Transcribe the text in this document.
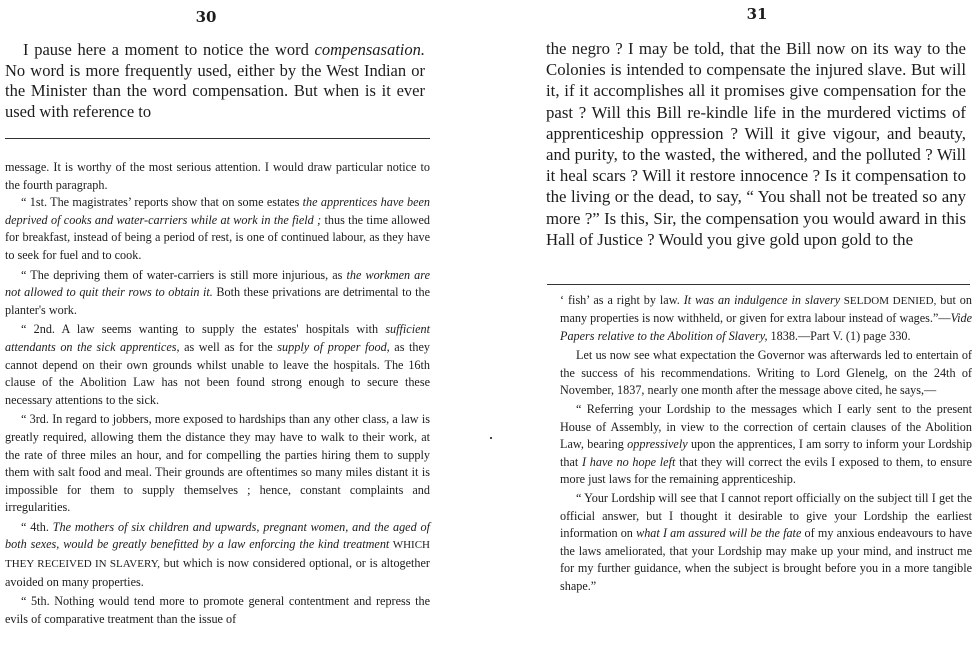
30

I pause here a moment to notice the word compensasation. No word is more frequently used, either by the West Indian or the Minister than the word compensation. But when is it ever used with reference to

message. It is worthy of the most serious attention. I would draw particular notice to the fourth paragraph.

“ 1st. The magistrates’ reports show that on some estates the apprentices have been deprived of cooks and water-carriers while at work in the field ; thus the time allowed for breakfast, instead of being a period of rest, is one of continued labour, as they have to seek for fuel and to cook.

“ The depriving them of water-carriers is still more injurious, as the workmen are not allowed to quit their rows to obtain it. Both these privations are detrimental to the planter's work.

“ 2nd. A law seems wanting to supply the estates' hospitals with sufficient attendants on the sick apprentices, as well as for the supply of proper food, as they cannot depend on their own grounds whilst unable to leave the hospitals. The 16th clause of the Abolition Law has not been found strong enough to secure these necessary attentions to the sick.

“ 3rd. In regard to jobbers, more exposed to hardships than any other class, a law is greatly required, allowing them the distance they may have to walk to their work, at the rate of three miles an hour, and for compelling the parties hiring them to supply them with salt food and meal. Their grounds are oftentimes so many miles distant it is impossible for them to supply themselves ; hence, constant complaints and irregularities.

“ 4th. The mothers of six children and upwards, pregnant women, and the aged of both sexes, would be greatly benefitted by a law enforcing the kind treatment WHICH THEY RECEIVED IN SLAVERY, but which is now considered optional, or is altogether avoided on many properties.

“ 5th. Nothing would tend more to promote general contentment and repress the evils of comparative treatment than the issue of

31

the negro ? I may be told, that the Bill now on its way to the Colonies is intended to compensate the injured slave. But will it, if it accomplishes all it promises give compensation for the past ? Will this Bill re-kindle life in the murdered victims of apprenticeship oppression ? Will it give vigour, and beauty, and purity, to the wasted, the withered, and the polluted ? Will it heal scars ? Will it restore innocence ? Is it compensation to the living or the dead, to say, “ You shall not be treated so any more ?” Is this, Sir, the compensation you would award in this Hall of Justice ? Would you give gold upon gold to the

‘ fish’ as a right by law. It was an indulgence in slavery SELDOM DENIED, but on many properties is now withheld, or given for extra labour instead of wages.”—Vide Papers relative to the Abolition of Slavery, 1838.—Part V. (1) page 330.

Let us now see what expectation the Governor was afterwards led to entertain of the success of his recommendations. Writing to Lord Glenelg, on the 24th of November, 1837, nearly one month after the message above cited, he says,—

“ Referring your Lordship to the messages which I early sent to the present House of Assembly, in view to the correction of certain clauses of the Abolition Law, bearing oppressively upon the apprentices, I am sorry to inform your Lordship that I have no hope left that they will correct the evils I exposed to them, to ensure more just laws for the remaining apprenticeship.

“ Your Lordship will see that I cannot report officially on the subject till I get the official answer, but I thought it desirable to give your Lordship the earliest information on what I am assured will be the fate of my anxious endeavours to have the laws ameliorated, that your Lordship may make up your mind, and instruct me for my further guidance, when the subject is brought before you in a more tangible shape.”
